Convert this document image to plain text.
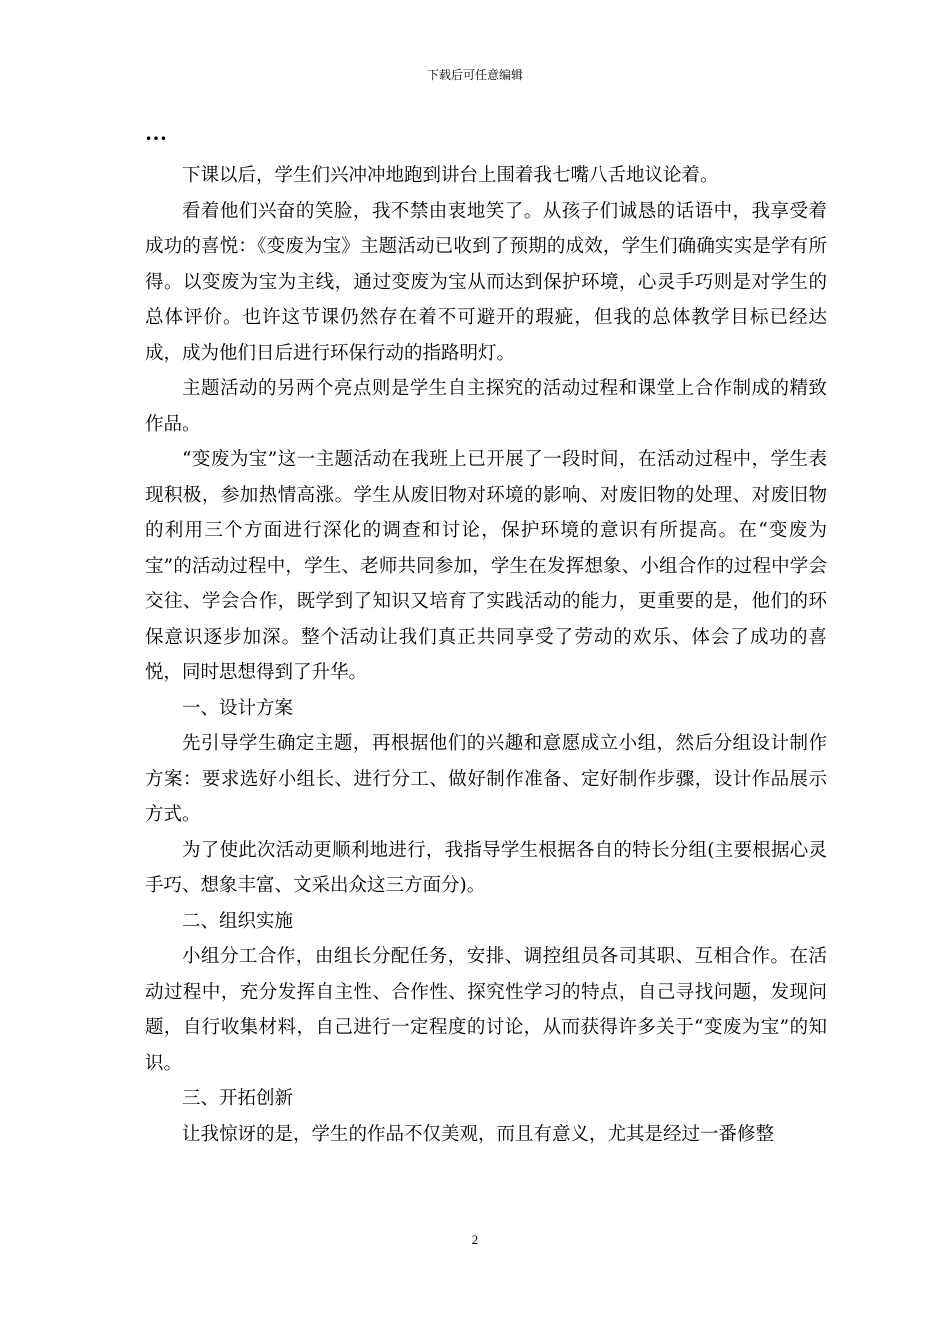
下载后可任意编辑
…

下课以后，学生们兴冲冲地跑到讲台上围着我七嘴八舌地议论着。

看着他们兴奋的笑脸，我不禁由衷地笑了。从孩子们诚恳的话语中，我享受着成功的喜悦：《变废为宝》主题活动已收到了预期的成效，学生们确确实实是学有所得。以变废为宝为主线，通过变废为宝从而达到保护环境，心灵手巧则是对学生的总体评价。也许这节课仍然存在着不可避开的瑕疵，但我的总体教学目标已经达成，成为他们日后进行环保行动的指路明灯。

主题活动的另两个亮点则是学生自主探究的活动过程和课堂上合作制成的精致作品。

“变废为宝”这一主题活动在我班上已开展了一段时间，在活动过程中，学生表现积极，参加热情高涨。学生从废旧物对环境的影响、对废旧物的处理、对废旧物的利用三个方面进行深化的调查和讨论，保护环境的意识有所提高。在“变废为宝”的活动过程中，学生、老师共同参加，学生在发挥想象、小组合作的过程中学会交往、学会合作，既学到了知识又培育了实践活动的能力，更重要的是，他们的环保意识逐步加深。整个活动让我们真正共同享受了劳动的欢乐、体会了成功的喜悦，同时思想得到了升华。

一、设计方案

先引导学生确定主题，再根据他们的兴趣和意愿成立小组，然后分组设计制作方案：要求选好小组长、进行分工、做好制作准备、定好制作步骤，设计作品展示方式。

为了使此次活动更顺利地进行，我指导学生根据各自的特长分组(主要根据心灵手巧、想象丰富、文采出众这三方面分)。

二、组织实施

小组分工合作，由组长分配任务，安排、调控组员各司其职、互相合作。在活动过程中，充分发挥自主性、合作性、探究性学习的特点，自己寻找问题，发现问题，自行收集材料，自己进行一定程度的讨论，从而获得许多关于“变废为宝”的知识。

三、开拓创新

让我惊讶的是，学生的作品不仅美观，而且有意义，尤其是经过一番修整

2
